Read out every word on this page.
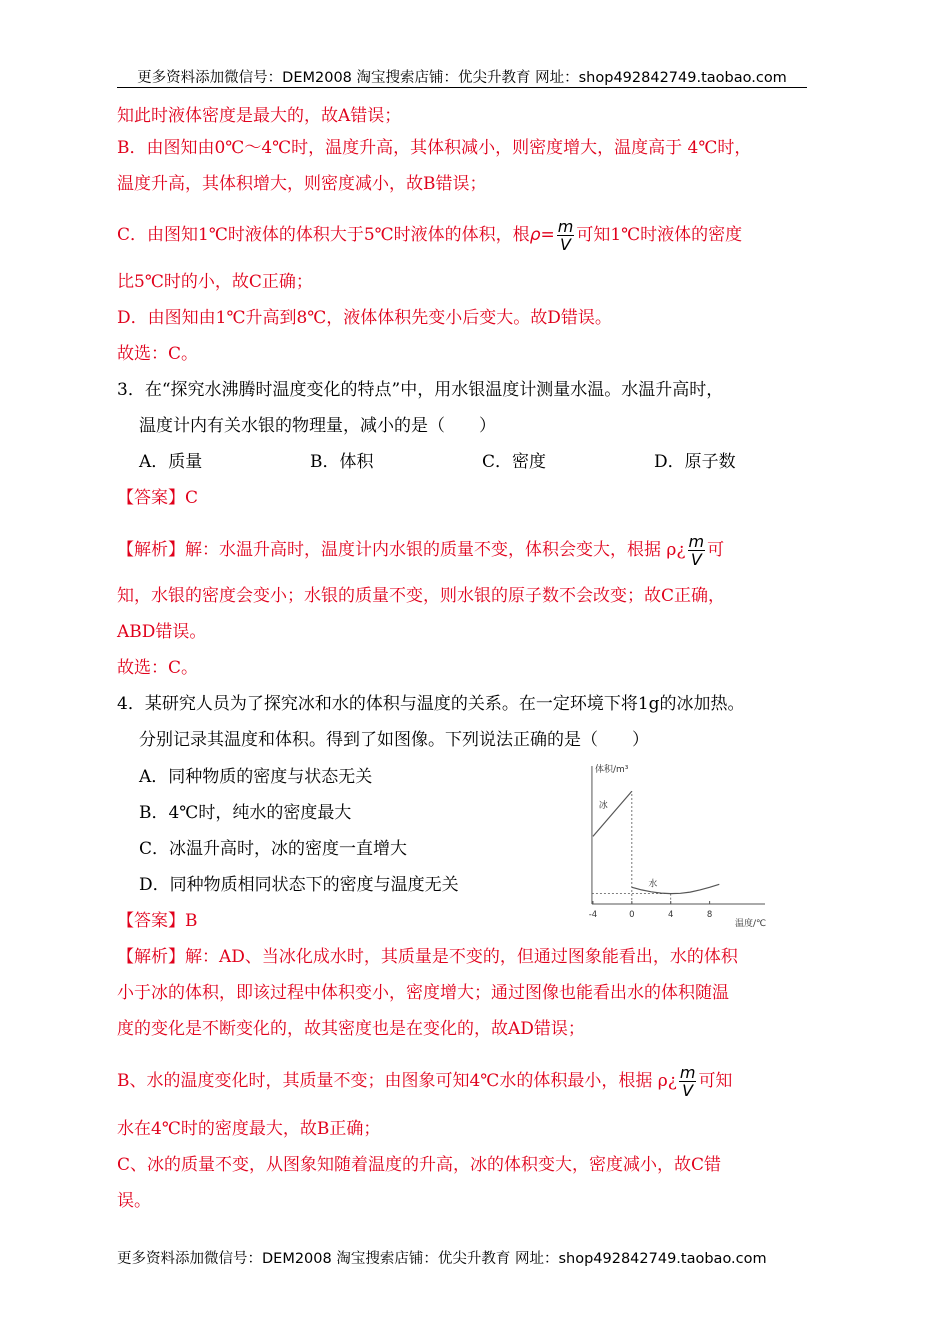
更多资料添加微信号：DEM2008 淘宝搜索店铺：优尖升教育 网址：shop492842749.taobao.com
知此时液体密度是最大的，故A错误；
B．由图知由0℃～4℃时，温度升高，其体积减小，则密度增大，温度高于 4℃时，
温度升高，其体积增大，则密度减小，故B错误；
C．由图知1℃时液体的体积大于5℃时液体的体积，根$\rho= \frac{m}{V}$ 可知1℃时液体的密度
比5℃时的小，故C正确；
D．由图知由1℃升高到8℃，液体体积先变小后变大。故D错误。
故选：C。
3．在“探究水沸腾时温度变化的特点”中，用水银温度计测量水温。水温升高时，
温度计内有关水银的物理量，减小的是（　　）
A．质量	B．体积	C．密度	D．原子数
【答案】C
【解析】解：水温升高时，温度计内水银的质量不变，体积会变大，根据 ρ¿ $\frac{m}{V}$ 可
知，水银的密度会变小；水银的质量不变，则水银的原子数不会改变；故C正确，
ABD错误。
故选：C。
4．某研究人员为了探究冰和水的体积与温度的关系。在一定环境下将1g的冰加热。
分别记录其温度和体积。得到了如图像。下列说法正确的是（　　）
A．同种物质的密度与状态无关
B．4℃时，纯水的密度最大
C．冰温升高时，冰的密度一直增大
D．同种物质相同状态下的密度与温度无关
体积/m³
温度/℃
-4	0	4	8
冰
水
【答案】B
【解析】解：AD、当冰化成水时，其质量是不变的，但通过图象能看出，水的体积
小于冰的体积，即该过程中体积变小，密度增大；通过图像也能看出水的体积随温
度的变化是不断变化的，故其密度也是在变化的，故AD错误；
B、水的温度变化时，其质量不变；由图象可知4℃水的体积最小，根据 ρ¿ $\frac{m}{V}$ 可知
水在4℃时的密度最大，故B正确；
C、冰的质量不变，从图象知随着温度的升高，冰的体积变大，密度减小，故C错
误。
更多资料添加微信号：DEM2008 淘宝搜索店铺：优尖升教育 网址：shop492842749.taobao.com
